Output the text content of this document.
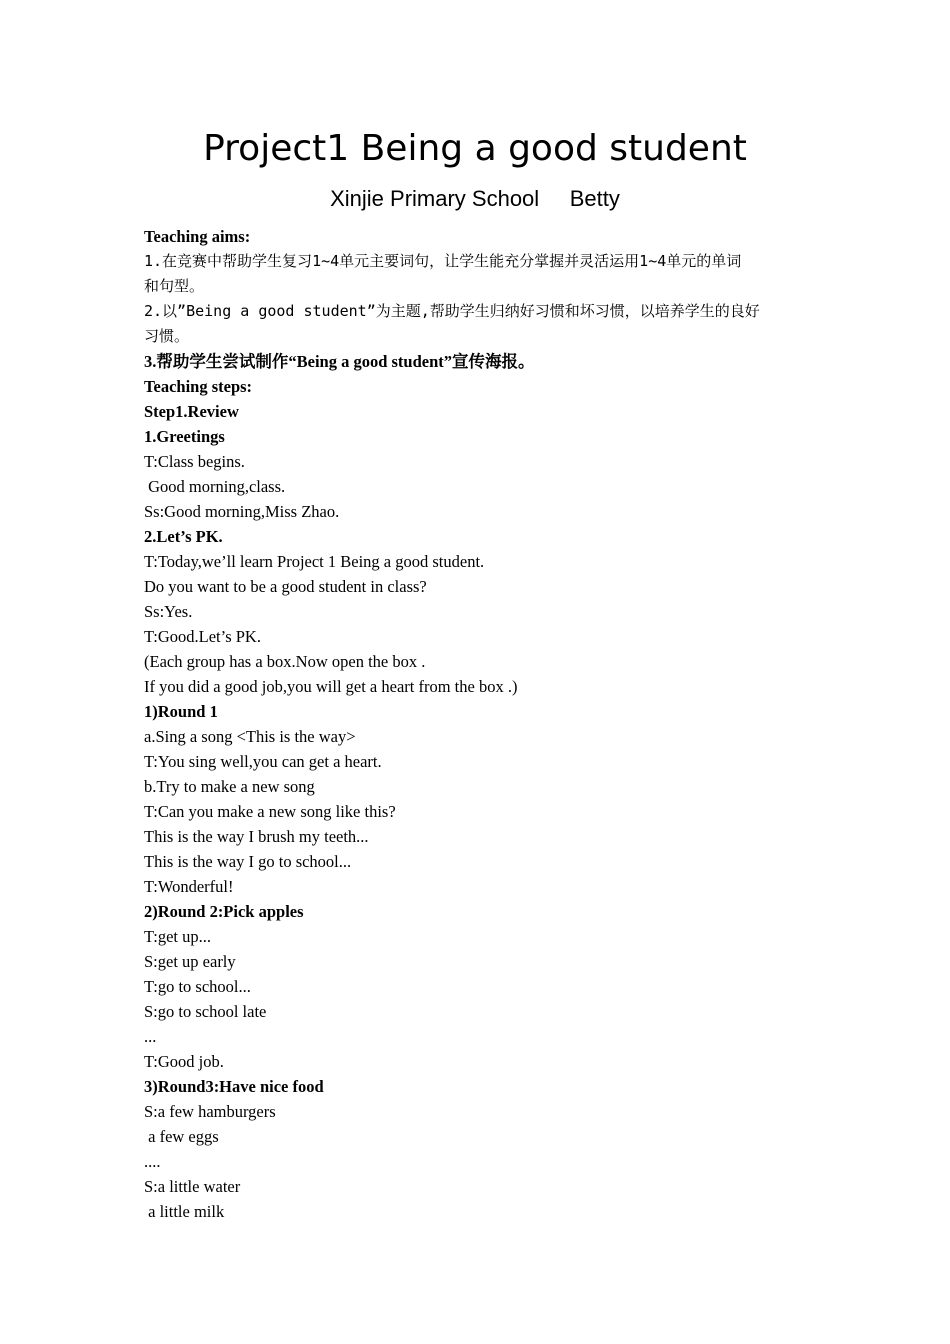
Project1 Being a good student
Xinjie Primary School     Betty
Teaching aims:
1.在竞赛中帮助学生复习1~4单元主要词句，让学生能充分掌握并灵活运用1~4单元的单词
和句型。
2.以”Being a good student”为主题,帮助学生归纳好习惯和坏习惯，以培养学生的良好
习惯。
3.帮助学生尝试制作“Being a good student”宣传海报。
Teaching steps:
Step1.Review
1.Greetings
T:Class begins.
Good morning,class.
Ss:Good morning,Miss Zhao.
2.Let’s PK.
T:Today,we’ll learn Project 1 Being a good student.
Do you want to be a good student in class?
Ss:Yes.
T:Good.Let’s PK.
(Each group has a box.Now open the box .
If you did a good job,you will get a heart from the box .)
1)Round 1
a.Sing a song <This is the way>
T:You sing well,you can get a heart.
b.Try to make a new song
T:Can you make a new song like this?
This is the way I brush my teeth...
This is the way I go to school...
T:Wonderful!
2)Round 2:Pick apples
T:get up...
S:get up early
T:go to school...
S:go to school late
...
T:Good job.
3)Round3:Have nice food
S:a few hamburgers
a few eggs
....
S:a little water
a little milk
